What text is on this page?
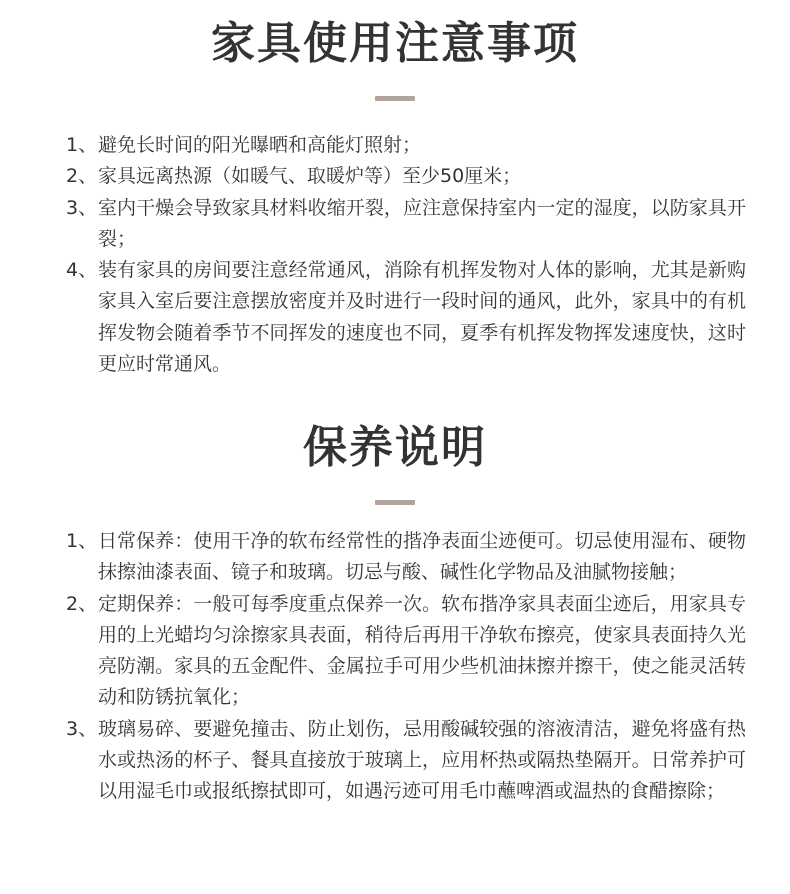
家具使用注意事项
1、 避免长时间的阳光曝晒和高能灯照射；
2、 家具远离热源（如暖气、取暖炉等）至少50厘米；
3、 室内干燥会导致家具材料收缩开裂，应注意保持室内一定的湿度，以防家具开裂；
4、 装有家具的房间要注意经常通风，消除有机挥发物对人体的影响，尤其是新购家具入室后要注意摆放密度并及时进行一段时间的通风，此外，家具中的有机挥发物会随着季节不同挥发的速度也不同，夏季有机挥发物挥发速度快，这时更应时常通风。
保养说明
1、 日常保养：使用干净的软布经常性的揩净表面尘迹便可。切忌使用湿布、硬物抹擦油漆表面、镜子和玻璃。切忌与酸、碱性化学物品及油腻物接触；
2、 定期保养：一般可每季度重点保养一次。软布揩净家具表面尘迹后，用家具专用的上光蜡均匀涂擦家具表面，稍待后再用干净软布擦亮，使家具表面持久光亮防潮。家具的五金配件、金属拉手可用少些机油抹擦并擦干，使之能灵活转动和防锈抗氧化；
3、 玻璃易碎、要避免撞击、防止划伤，忌用酸碱较强的溶液清洁，避免将盛有热水或热汤的杯子、餐具直接放于玻璃上，应用杯热或隔热垫隔开。日常养护可以用湿毛巾或报纸擦拭即可，如遇污迹可用毛巾蘸啤酒或温热的食醋擦除；
